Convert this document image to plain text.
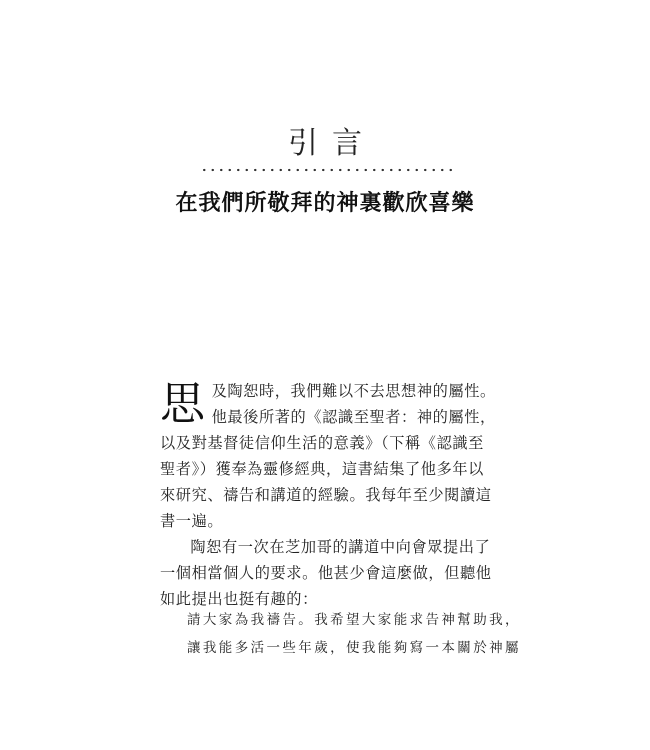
引言
在我們所敬拜的神裏歡欣喜樂

思及陶恕時，我們難以不去思想神的屬性。他最後所著的《認識至聖者：神的屬性，以及對基督徒信仰生活的意義》（下稱《認識至聖者》）獲奉為靈修經典，這書結集了他多年以來研究、禱告和講道的經驗。我每年至少閱讀這書一遍。

陶恕有一次在芝加哥的講道中向會眾提出了一個相當個人的要求。他甚少會這麼做，但聽他如此提出也挺有趣的：

請大家為我禱告。我希望大家能求告神幫助我，
讓我能多活一些年歲，使我能夠寫一本關於神屬
